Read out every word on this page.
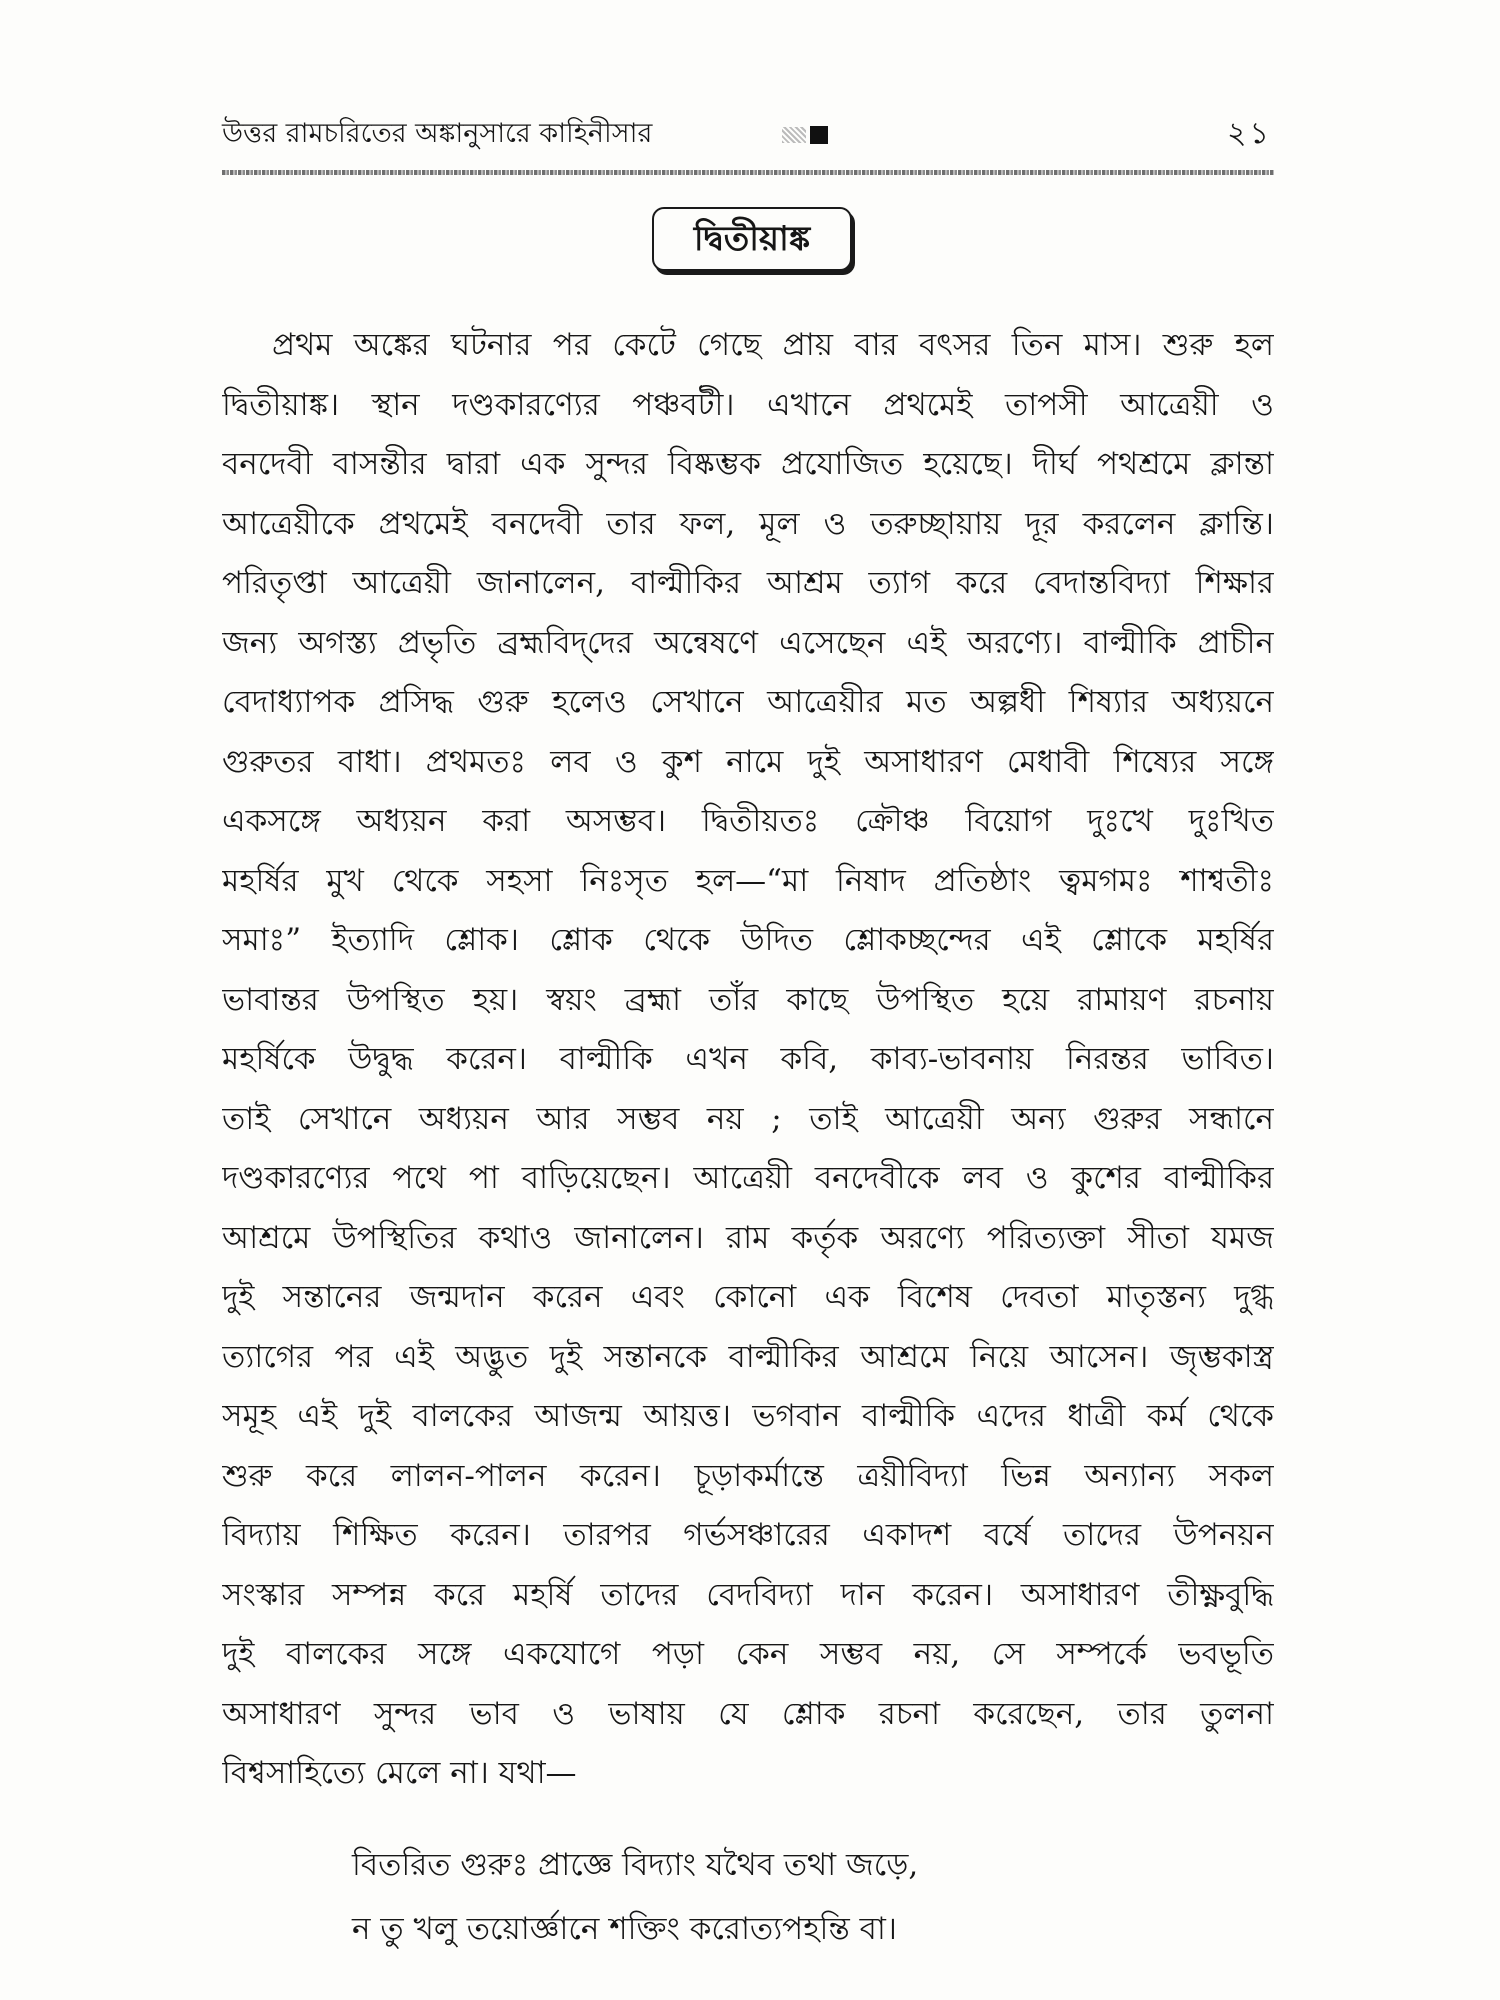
উত্তর রামচরিতের অঙ্কানুসারে কাহিনীসার	২১
দ্বিতীয়াঙ্ক
প্রথম অঙ্কের ঘটনার পর কেটে গেছে প্রায় বার বৎসর তিন মাস। শুরু হল
দ্বিতীয়াঙ্ক। স্থান দণ্ডকারণ্যের পঞ্চবটী। এখানে প্রথমেই তাপসী আত্রেয়ী ও
বনদেবী বাসন্তীর দ্বারা এক সুন্দর বিষ্কম্ভক প্রযোজিত হয়েছে। দীর্ঘ পথশ্রমে ক্লান্তা
আত্রেয়ীকে প্রথমেই বনদেবী তার ফল, মূল ও তরুচ্ছায়ায় দূর করলেন ক্লান্তি।
পরিতৃপ্তা আত্রেয়ী জানালেন, বাল্মীকির আশ্রম ত্যাগ করে বেদান্তবিদ্যা শিক্ষার
জন্য অগস্ত্য প্রভৃতি ব্রহ্মবিদ্‌দের অন্বেষণে এসেছেন এই অরণ্যে। বাল্মীকি প্রাচীন
বেদাধ্যাপক প্রসিদ্ধ গুরু হলেও সেখানে আত্রেয়ীর মত অল্পধী শিষ্যার অধ্যয়নে
গুরুতর বাধা। প্রথমতঃ লব ও কুশ নামে দুই অসাধারণ মেধাবী শিষ্যের সঙ্গে
একসঙ্গে অধ্যয়ন করা অসম্ভব। দ্বিতীয়তঃ ক্রৌঞ্চ বিয়োগ দুঃখে দুঃখিত
মহর্ষির মুখ থেকে সহসা নিঃসৃত হল—“মা নিষাদ প্রতিষ্ঠাং ত্বমগমঃ শাশ্বতীঃ
সমাঃ” ইত্যাদি শ্লোক। শ্লোক থেকে উদিত শ্লোকচ্ছন্দের এই শ্লোকে মহর্ষির
ভাবান্তর উপস্থিত হয়। স্বয়ং ব্রহ্মা তাঁর কাছে উপস্থিত হয়ে রামায়ণ রচনায়
মহর্ষিকে উদ্বুদ্ধ করেন। বাল্মীকি এখন কবি, কাব্য-ভাবনায় নিরন্তর ভাবিত।
তাই সেখানে অধ্যয়ন আর সম্ভব নয় ; তাই আত্রেয়ী অন্য গুরুর সন্ধানে
দণ্ডকারণ্যের পথে পা বাড়িয়েছেন। আত্রেয়ী বনদেবীকে লব ও কুশের বাল্মীকির
আশ্রমে উপস্থিতির কথাও জানালেন। রাম কর্তৃক অরণ্যে পরিত্যক্তা সীতা যমজ
দুই সন্তানের জন্মদান করেন এবং কোনো এক বিশেষ দেবতা মাতৃস্তন্য দুগ্ধ
ত্যাগের পর এই অদ্ভুত দুই সন্তানকে বাল্মীকির আশ্রমে নিয়ে আসেন। জৃম্ভকাস্ত্র
সমূহ এই দুই বালকের আজন্ম আয়ত্ত। ভগবান বাল্মীকি এদের ধাত্রী কর্ম থেকে
শুরু করে লালন-পালন করেন। চূড়াকর্মান্তে ত্রয়ীবিদ্যা ভিন্ন অন্যান্য সকল
বিদ্যায় শিক্ষিত করেন। তারপর গর্ভসঞ্চারের একাদশ বর্ষে তাদের উপনয়ন
সংস্কার সম্পন্ন করে মহর্ষি তাদের বেদবিদ্যা দান করেন। অসাধারণ তীক্ষ্ণবুদ্ধি
দুই বালকের সঙ্গে একযোগে পড়া কেন সম্ভব নয়, সে সম্পর্কে ভবভূতি
অসাধারণ সুন্দর ভাব ও ভাষায় যে শ্লোক রচনা করেছেন, তার তুলনা
বিশ্বসাহিত্যে মেলে না। যথা—
বিতরিত গুরুঃ প্রাজ্ঞে বিদ্যাং যথৈব তথা জড়ে,
ন তু খলু তয়োর্জ্ঞানে শক্তিং করোত্যপহন্তি বা।
